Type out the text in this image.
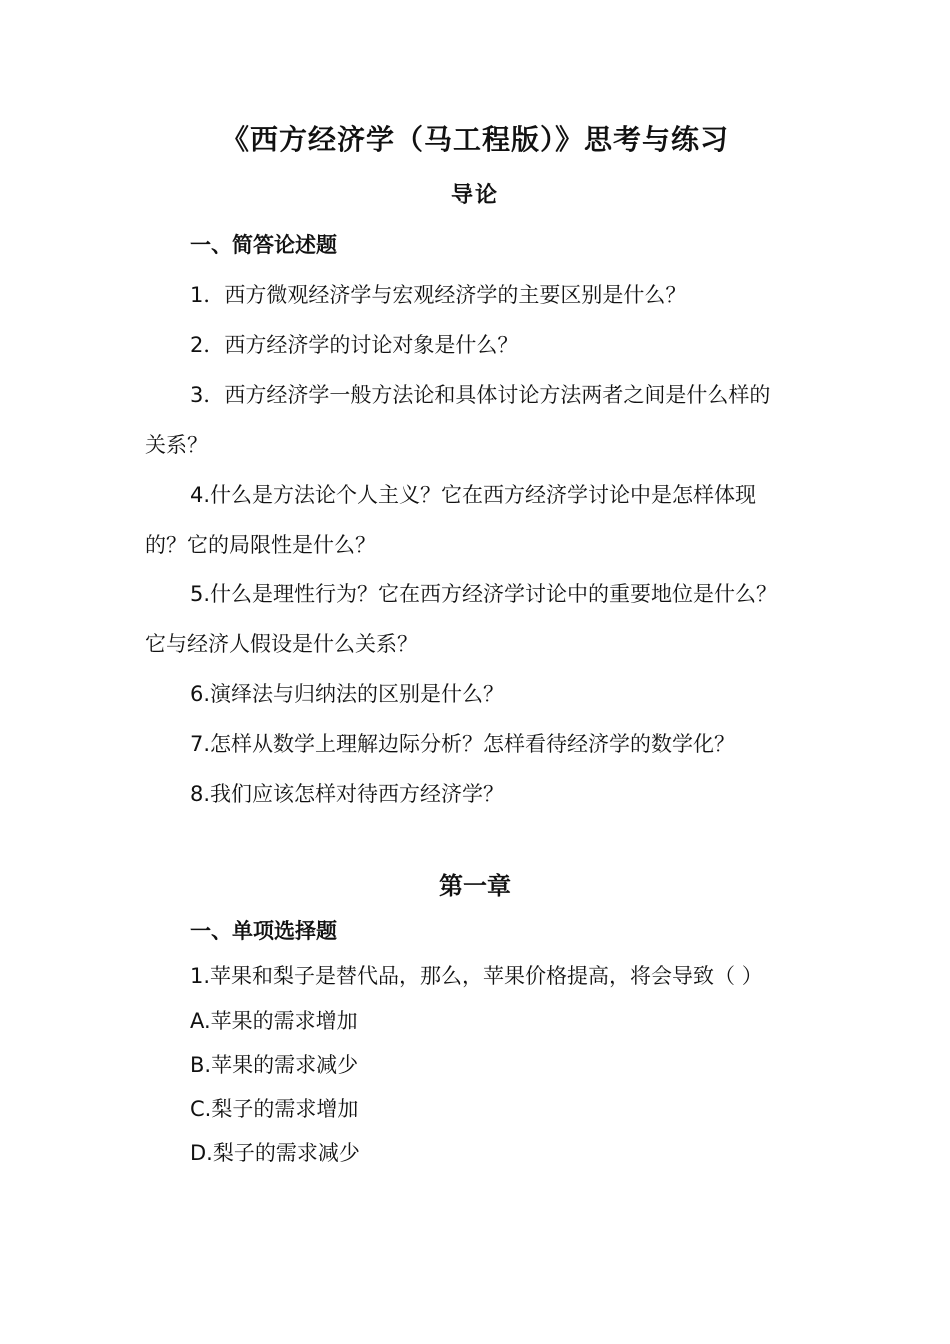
《西方经济学（马工程版）》思考与练习
导论
一、简答论述题
1．西方微观经济学与宏观经济学的主要区别是什么？
2．西方经济学的讨论对象是什么？
3．西方经济学一般方法论和具体讨论方法两者之间是什么样的
关系？
4.什么是方法论个人主义？它在西方经济学讨论中是怎样体现
的？它的局限性是什么？
5.什么是理性行为？它在西方经济学讨论中的重要地位是什么？
它与经济人假设是什么关系？
6.演绎法与归纳法的区别是什么？
7.怎样从数学上理解边际分析？怎样看待经济学的数学化？
8.我们应该怎样对待西方经济学？
第一章
一、单项选择题
1.苹果和梨子是替代品，那么，苹果价格提高，将会导致（ ）
A.苹果的需求增加
B.苹果的需求减少
C.梨子的需求增加
D.梨子的需求减少
